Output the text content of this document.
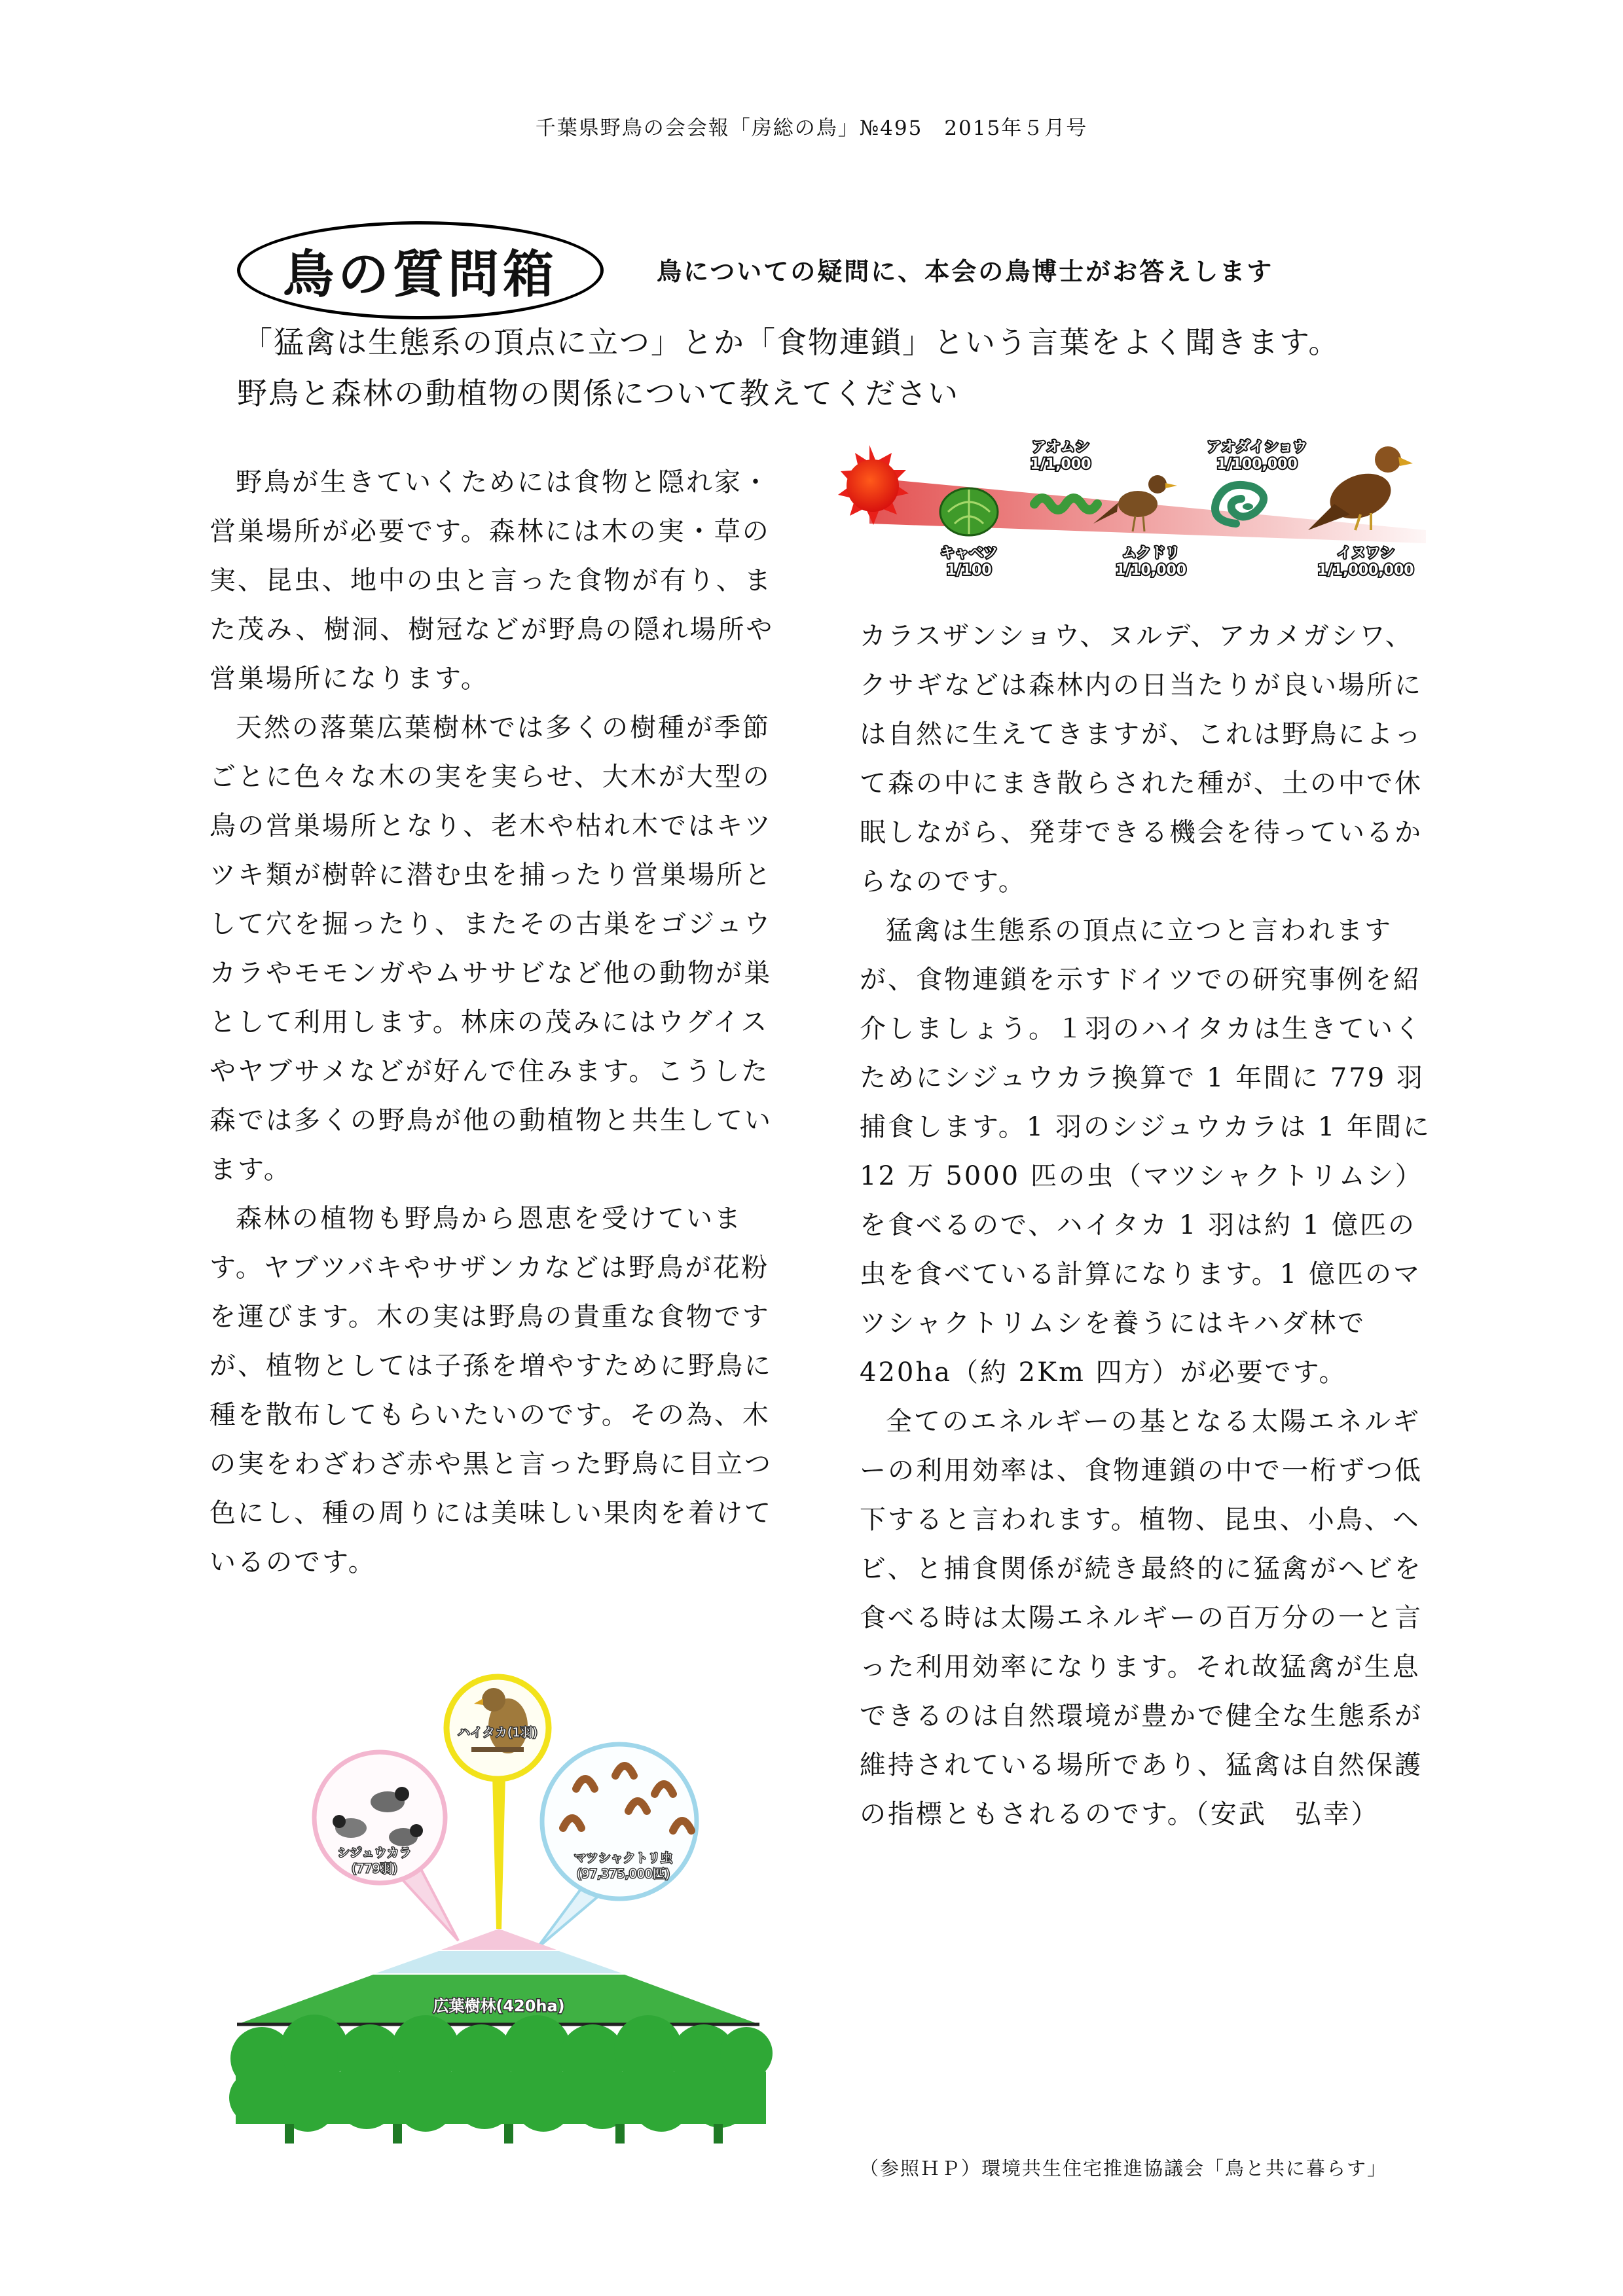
千葉県野鳥の会会報「房総の鳥」№495　2015年５月号
鳥の質問箱	鳥についての疑問に、本会の鳥博士がお答えします

「猛禽は生態系の頂点に立つ」とか「食物連鎖」という言葉をよく聞きます。

野鳥と森林の動植物の関係について教えてください

野鳥が生きていくためには食物と隠れ家・営巣場所が必要です。森林には木の実・草の実、昆虫、地中の虫と言った食物が有り、また茂み、樹洞、樹冠などが野鳥の隠れ場所や営巣場所になります。

天然の落葉広葉樹林では多くの樹種が季節ごとに色々な木の実を実らせ、大木が大型の鳥の営巣場所となり、老木や枯れ木ではキツツキ類が樹幹に潜む虫を捕ったり営巣場所として穴を掘ったり、またその古巣をゴジュウカラやモモンガやムササビなど他の動物が巣として利用します。林床の茂みにはウグイスやヤブサメなどが好んで住みます。こうした森では多くの野鳥が他の動植物と共生しています。

森林の植物も野鳥から恩恵を受けています。ヤブツバキやサザンカなどは野鳥が花粉を運びます。木の実は野鳥の貴重な食物ですが、植物としては子孫を増やすために野鳥に種を散布してもらいたいのです。その為、木の実をわざわざ赤や黒と言った野鳥に目立つ色にし、種の周りには美味しい果肉を着けているのです。

アオムシ
1/1,000
アオダイショウ
1/100,000
キャベツ
1/100
ムクドリ
1/10,000
イヌワシ
1/1,000,000

カラスザンショウ、ヌルデ、アカメガシワ、クサギなどは森林内の日当たりが良い場所には自然に生えてきますが、これは野鳥によって森の中にまき散らされた種が、土の中で休眠しながら、発芽できる機会を待っているからなのです。

猛禽は生態系の頂点に立つと言われますが、食物連鎖を示すドイツでの研究事例を紹介しましょう。１羽のハイタカは生きていくためにシジュウカラ換算で 1 年間に 779 羽捕食します。1 羽のシジュウカラは 1 年間に 12 万 5000 匹の虫（マツシャクトリムシ）を食べるので、ハイタカ 1 羽は約 1 億匹の虫を食べている計算になります。1 億匹のマツシャクトリムシを養うにはキハダ林で 420ha（約 2Km 四方）が必要です。

全てのエネルギーの基となる太陽エネルギーの利用効率は、食物連鎖の中で一桁ずつ低下すると言われます。植物、昆虫、小鳥、ヘビ、と捕食関係が続き最終的に猛禽がヘビを食べる時は太陽エネルギーの百万分の一と言った利用効率になります。それ故猛禽が生息できるのは自然環境が豊かで健全な生態系が維持されている場所であり、猛禽は自然保護の指標ともされるのです。（安武　弘幸）

（参照ＨＰ）環境共生住宅推進協議会「鳥と共に暮らす」
ハイタカ(1羽)
シジュウカラ
(779羽)
マツシャクトリ虫
(97,375,000匹)
広葉樹林(420ha)
